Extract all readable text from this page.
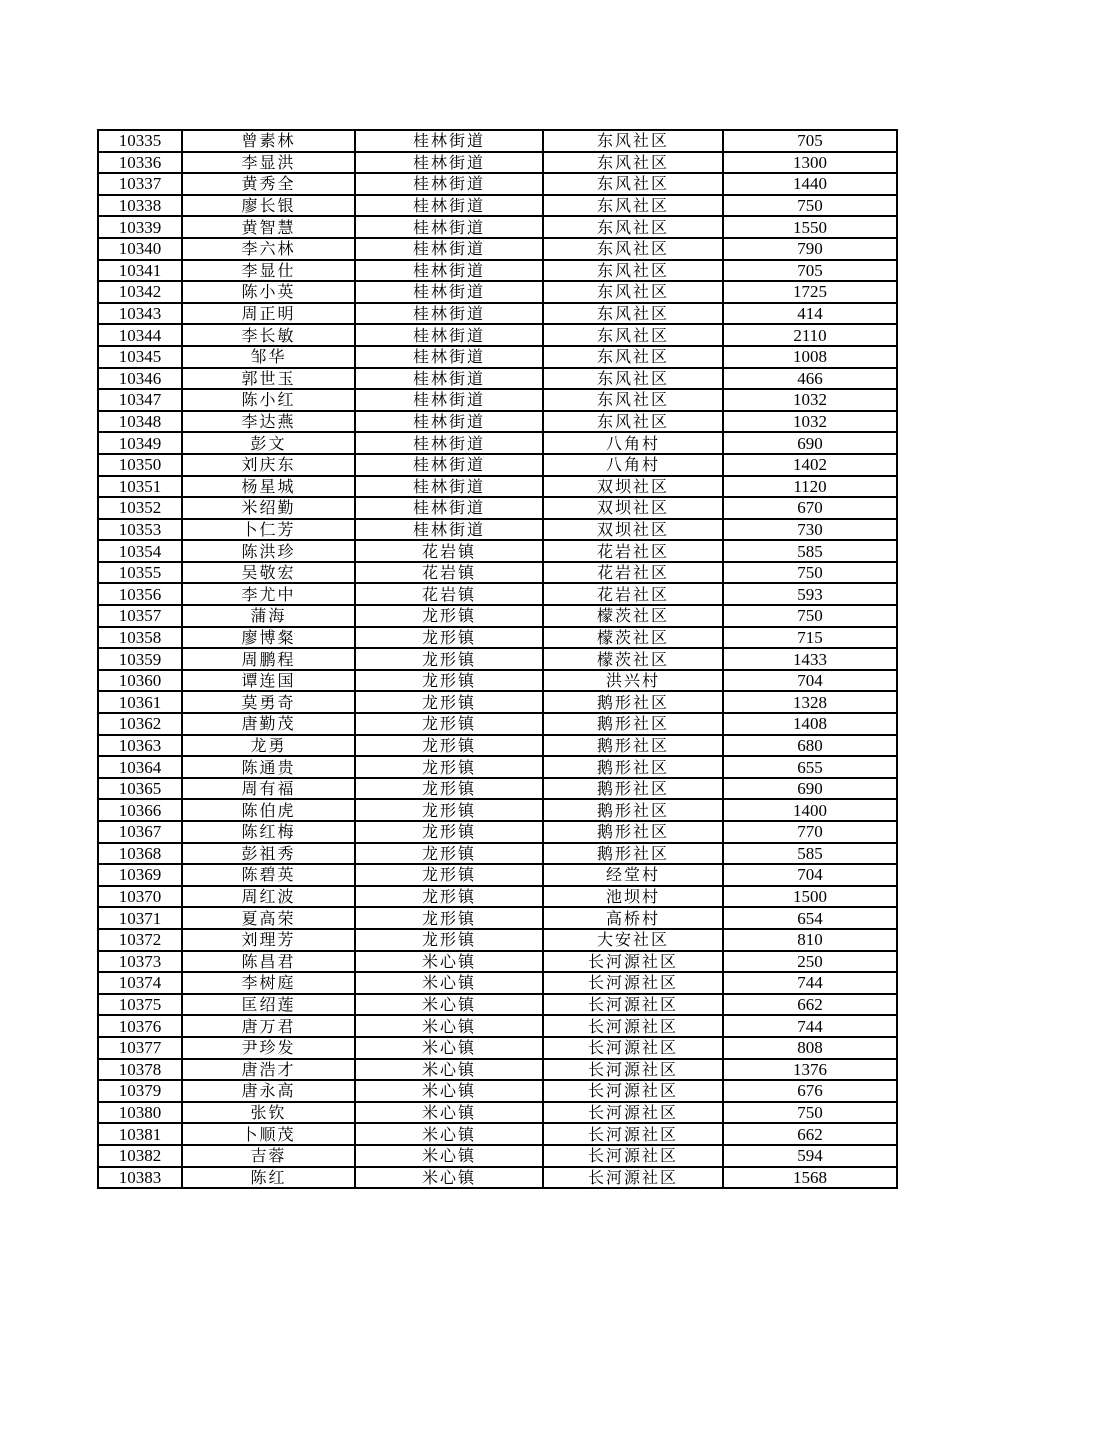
10335	曾素林	桂林街道	东风社区	705
10336	李显洪	桂林街道	东风社区	1300
10337	黄秀全	桂林街道	东风社区	1440
10338	廖长银	桂林街道	东风社区	750
10339	黄智慧	桂林街道	东风社区	1550
10340	李六林	桂林街道	东风社区	790
10341	李显仕	桂林街道	东风社区	705
10342	陈小英	桂林街道	东风社区	1725
10343	周正明	桂林街道	东风社区	414
10344	李长敏	桂林街道	东风社区	2110
10345	邹华	桂林街道	东风社区	1008
10346	郭世玉	桂林街道	东风社区	466
10347	陈小红	桂林街道	东风社区	1032
10348	李达燕	桂林街道	东风社区	1032
10349	彭文	桂林街道	八角村	690
10350	刘庆东	桂林街道	八角村	1402
10351	杨星城	桂林街道	双坝社区	1120
10352	米绍勤	桂林街道	双坝社区	670
10353	卜仁芳	桂林街道	双坝社区	730
10354	陈洪珍	花岩镇	花岩社区	585
10355	吴敬宏	花岩镇	花岩社区	750
10356	李尤中	花岩镇	花岩社区	593
10357	蒲海	龙形镇	檬茨社区	750
10358	廖博粲	龙形镇	檬茨社区	715
10359	周鹏程	龙形镇	檬茨社区	1433
10360	谭连国	龙形镇	洪兴村	704
10361	莫勇奇	龙形镇	鹅形社区	1328
10362	唐勤茂	龙形镇	鹅形社区	1408
10363	龙勇	龙形镇	鹅形社区	680
10364	陈通贵	龙形镇	鹅形社区	655
10365	周有福	龙形镇	鹅形社区	690
10366	陈伯虎	龙形镇	鹅形社区	1400
10367	陈红梅	龙形镇	鹅形社区	770
10368	彭祖秀	龙形镇	鹅形社区	585
10369	陈碧英	龙形镇	经堂村	704
10370	周红波	龙形镇	池坝村	1500
10371	夏高荣	龙形镇	高桥村	654
10372	刘理芳	龙形镇	大安社区	810
10373	陈昌君	米心镇	长河源社区	250
10374	李树庭	米心镇	长河源社区	744
10375	匡绍莲	米心镇	长河源社区	662
10376	唐万君	米心镇	长河源社区	744
10377	尹珍发	米心镇	长河源社区	808
10378	唐浩才	米心镇	长河源社区	1376
10379	唐永高	米心镇	长河源社区	676
10380	张钦	米心镇	长河源社区	750
10381	卜顺茂	米心镇	长河源社区	662
10382	吉蓉	米心镇	长河源社区	594
10383	陈红	米心镇	长河源社区	1568
